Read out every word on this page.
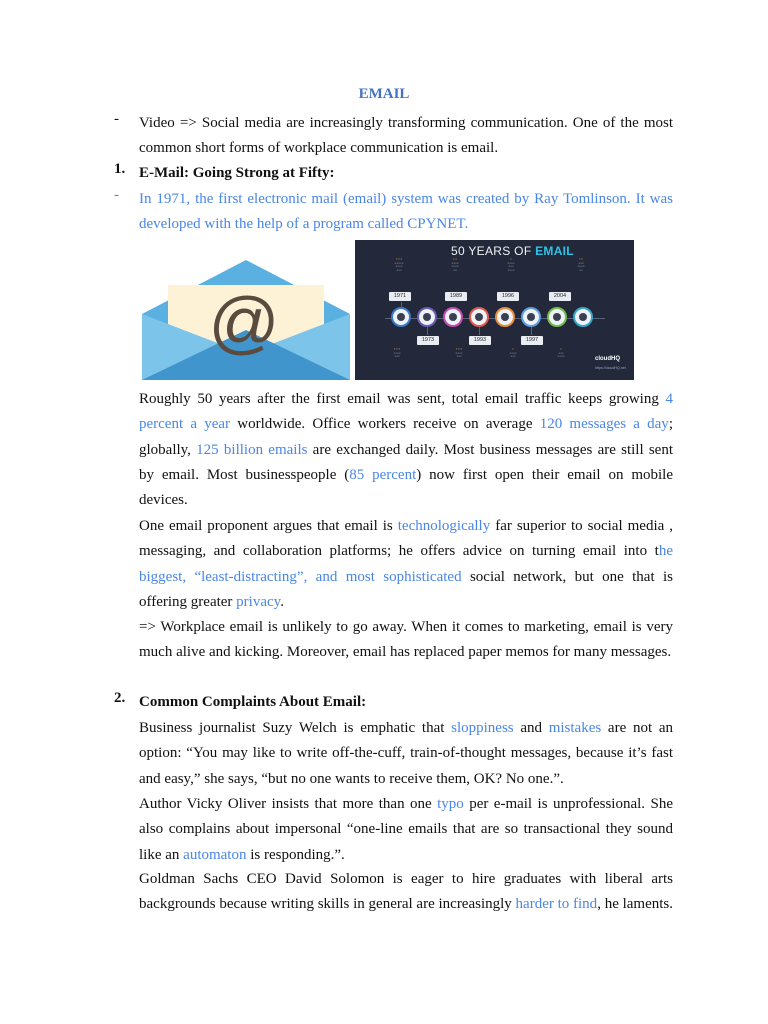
EMAIL
- Video => Social media are increasingly transforming communication. One of the most common short forms of workplace communication is email.
1. E-Mail: Going Strong at Fifty:
- In 1971, the first electronic mail (email) system was created by Ray Tomlinson. It was developed with the help of a program called CPYNET.
@
50 YEARS OF EMAIL
▪ ▪ ▪
▪ ▪ ▪ ▪ ▪
▪ ▪ ▪ ▪
▪ ▪ ▪
▪ ▪
▪ ▪ ▪ ▪
▪ ▪ ▪ ▪
▪ ▪
▪
▪ ▪ ▪ ▪
▪ ▪ ▪
▪ ▪ ▪ ▪
▪ ▪
▪ ▪ ▪
▪ ▪ ▪ ▪
▪ ▪
1971	1989	1996	2004
1973	1993	1997
▪ ▪ ▪
▪ ▪ ▪ ▪
▪ ▪ ▪
▪ ▪ ▪
▪ ▪ ▪ ▪
▪ ▪ ▪
▪
▪ ▪ ▪ ▪
▪ ▪ ▪
▪
▪ ▪ ▪
▪ ▪ ▪ ▪	cloudHQ
https://cloudHQ.net
Roughly 50 years after the first email was sent, total email traffic keeps growing 4 percent a year worldwide. Office workers receive on average 120 messages a day; globally, 125 billion emails are exchanged daily. Most business messages are still sent by email. Most businesspeople (85 percent) now first open their email on mobile devices.
One email proponent argues that email is technologically far superior to social media , messaging, and collaboration platforms; he offers advice on turning email into the biggest, “least-distracting”, and most sophisticated social network, but one that is offering greater privacy.
=> Workplace email is unlikely to go away. When it comes to marketing, email is very much alive and kicking. Moreover, email has replaced paper memos for many messages.
2. Common Complaints About Email:
Business journalist Suzy Welch is emphatic that sloppiness and mistakes are not an option: “You may like to write off-the-cuff, train-of-thought messages, because it’s fast and easy,” she says, “but no one wants to receive them, OK? No one.”.
Author Vicky Oliver insists that more than one typo per e-mail is unprofessional. She also complains about impersonal “one-line emails that are so transactional they sound like an automaton is responding.”.
Goldman Sachs CEO David Solomon is eager to hire graduates with liberal arts backgrounds because writing skills in general are increasingly harder to find, he laments.
